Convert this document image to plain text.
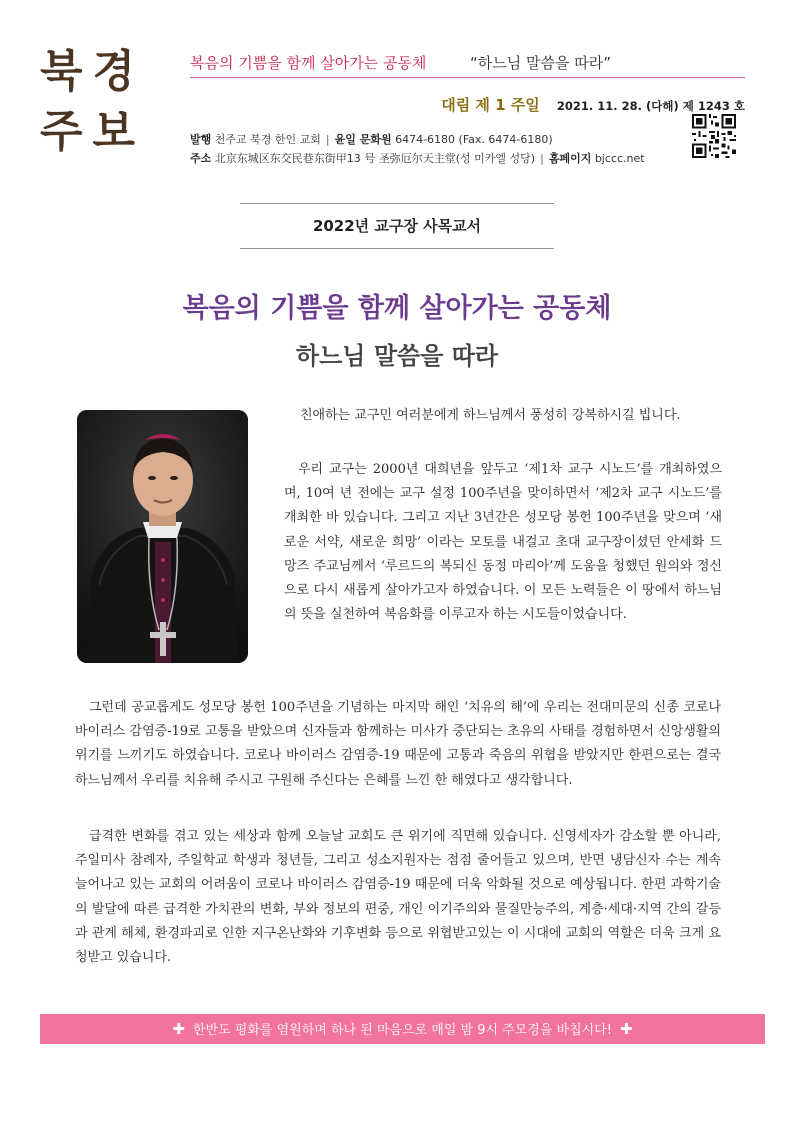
북경
주보
복음의 기쁨을 함께 살아가는 공동체	“하느님 말씀을 따라”
대림 제 1 주일 2021. 11. 28. (다해) 제 1243 호
발행 천주교 북경 한인 교회 | 윤일 문화원 6474-6180 (Fax. 6474-6180)
주소 北京东城区东交民巷东街甲13 号 圣弥厄尔天主堂(성 미카엘 성당) | 홈페이지 bjccc.net
2022년 교구장 사목교서
복음의 기쁨을 함께 살아가는 공동체
하느님 말씀을 따라

친애하는 교구민 여러분에게 하느님께서 풍성히 강복하시길 빕니다.

우리 교구는 2000년 대희년을 앞두고 ‘제1차 교구 시노드’를 개최하였으며, 10여 년 전에는 교구 설정 100주년을 맞이하면서 ‘제2차 교구 시노드’를 개최한 바 있습니다. 그리고 지난 3년간은 성모당 봉헌 100주년을 맞으며 ‘새로운 서약, 새로운 희망’ 이라는 모토를 내걸고 초대 교구장이셨던 안세화 드망즈 주교님께서 ‘루르드의 복되신 동정 마리아’께 도움을 청했던 원의와 정신으로 다시 새롭게 살아가고자 하였습니다. 이 모든 노력들은 이 땅에서 하느님의 뜻을 실천하여 복음화를 이루고자 하는 시도들이었습니다.

그런데 공교롭게도 성모당 봉헌 100주년을 기념하는 마지막 해인 ‘치유의 해’에 우리는 전대미문의 신종 코로나 바이러스 감염증-19로 고통을 받았으며 신자들과 함께하는 미사가 중단되는 초유의 사태를 경험하면서 신앙생활의 위기를 느끼기도 하였습니다. 코로나 바이러스 감염증-19 때문에 고통과 죽음의 위협을 받았지만 한편으로는 결국 하느님께서 우리를 치유해 주시고 구원해 주신다는 은혜를 느낀 한 해였다고 생각합니다.

급격한 변화를 겪고 있는 세상과 함께 오늘날 교회도 큰 위기에 직면해 있습니다. 신영세자가 감소할 뿐 아니라, 주일미사 참례자, 주일학교 학생과 청년들, 그리고 성소지원자는 점점 줄어들고 있으며, 반면 냉담신자 수는 계속 늘어나고 있는 교회의 어려움이 코로나 바이러스 감염증-19 때문에 더욱 악화될 것으로 예상됩니다. 한편 과학기술의 발달에 따른 급격한 가치관의 변화, 부와 정보의 편중, 개인 이기주의와 물질만능주의, 계층·세대·지역 간의 갈등과 관계 해체, 환경파괴로 인한 지구온난화와 기후변화 등으로 위협받고있는 이 시대에 교회의 역할은 더욱 크게 요청받고 있습니다.

✚ 한반도 평화를 염원하며 하나 된 마음으로 매일 밤 9시 주모경을 바칩시다! ✚
